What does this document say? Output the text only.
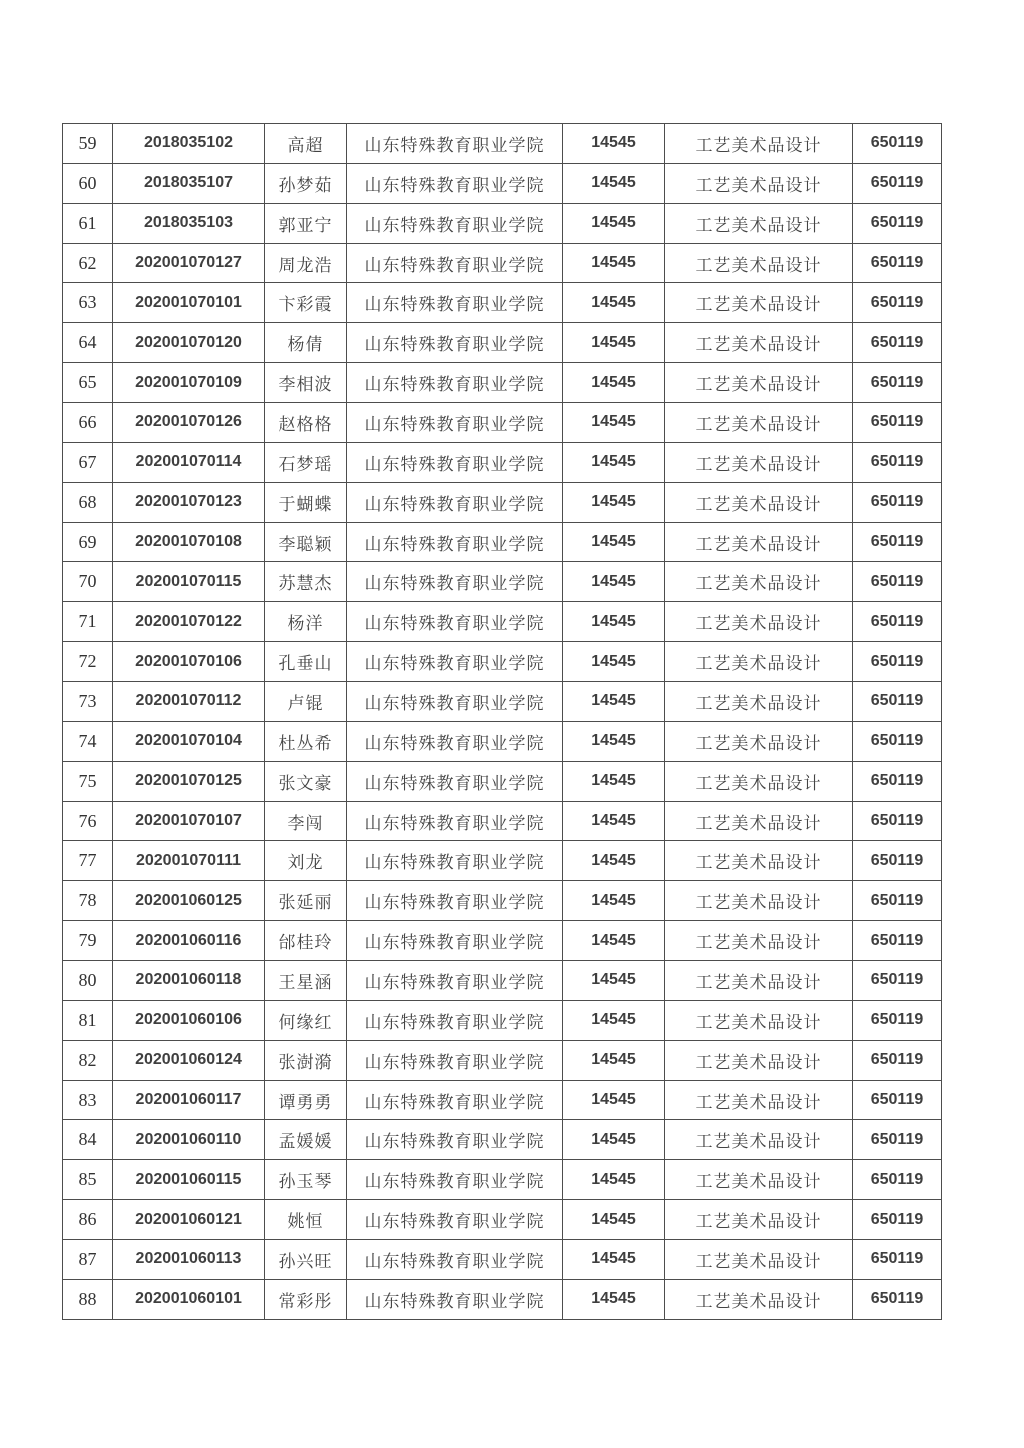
59	2018035102	高超	山东特殊教育职业学院	14545	工艺美术品设计	650119
60	2018035107	孙梦茹	山东特殊教育职业学院	14545	工艺美术品设计	650119
61	2018035103	郭亚宁	山东特殊教育职业学院	14545	工艺美术品设计	650119
62	202001070127	周龙浩	山东特殊教育职业学院	14545	工艺美术品设计	650119
63	202001070101	卞彩霞	山东特殊教育职业学院	14545	工艺美术品设计	650119
64	202001070120	杨倩	山东特殊教育职业学院	14545	工艺美术品设计	650119
65	202001070109	李相波	山东特殊教育职业学院	14545	工艺美术品设计	650119
66	202001070126	赵格格	山东特殊教育职业学院	14545	工艺美术品设计	650119
67	202001070114	石梦瑶	山东特殊教育职业学院	14545	工艺美术品设计	650119
68	202001070123	于蝴蝶	山东特殊教育职业学院	14545	工艺美术品设计	650119
69	202001070108	李聪颖	山东特殊教育职业学院	14545	工艺美术品设计	650119
70	202001070115	苏慧杰	山东特殊教育职业学院	14545	工艺美术品设计	650119
71	202001070122	杨洋	山东特殊教育职业学院	14545	工艺美术品设计	650119
72	202001070106	孔垂山	山东特殊教育职业学院	14545	工艺美术品设计	650119
73	202001070112	卢锟	山东特殊教育职业学院	14545	工艺美术品设计	650119
74	202001070104	杜丛希	山东特殊教育职业学院	14545	工艺美术品设计	650119
75	202001070125	张文豪	山东特殊教育职业学院	14545	工艺美术品设计	650119
76	202001070107	李闯	山东特殊教育职业学院	14545	工艺美术品设计	650119
77	202001070111	刘龙	山东特殊教育职业学院	14545	工艺美术品设计	650119
78	202001060125	张延丽	山东特殊教育职业学院	14545	工艺美术品设计	650119
79	202001060116	邰桂玲	山东特殊教育职业学院	14545	工艺美术品设计	650119
80	202001060118	王星涵	山东特殊教育职业学院	14545	工艺美术品设计	650119
81	202001060106	何缘红	山东特殊教育职业学院	14545	工艺美术品设计	650119
82	202001060124	张澍漪	山东特殊教育职业学院	14545	工艺美术品设计	650119
83	202001060117	谭勇勇	山东特殊教育职业学院	14545	工艺美术品设计	650119
84	202001060110	孟媛媛	山东特殊教育职业学院	14545	工艺美术品设计	650119
85	202001060115	孙玉琴	山东特殊教育职业学院	14545	工艺美术品设计	650119
86	202001060121	姚恒	山东特殊教育职业学院	14545	工艺美术品设计	650119
87	202001060113	孙兴旺	山东特殊教育职业学院	14545	工艺美术品设计	650119
88	202001060101	常彩彤	山东特殊教育职业学院	14545	工艺美术品设计	650119
